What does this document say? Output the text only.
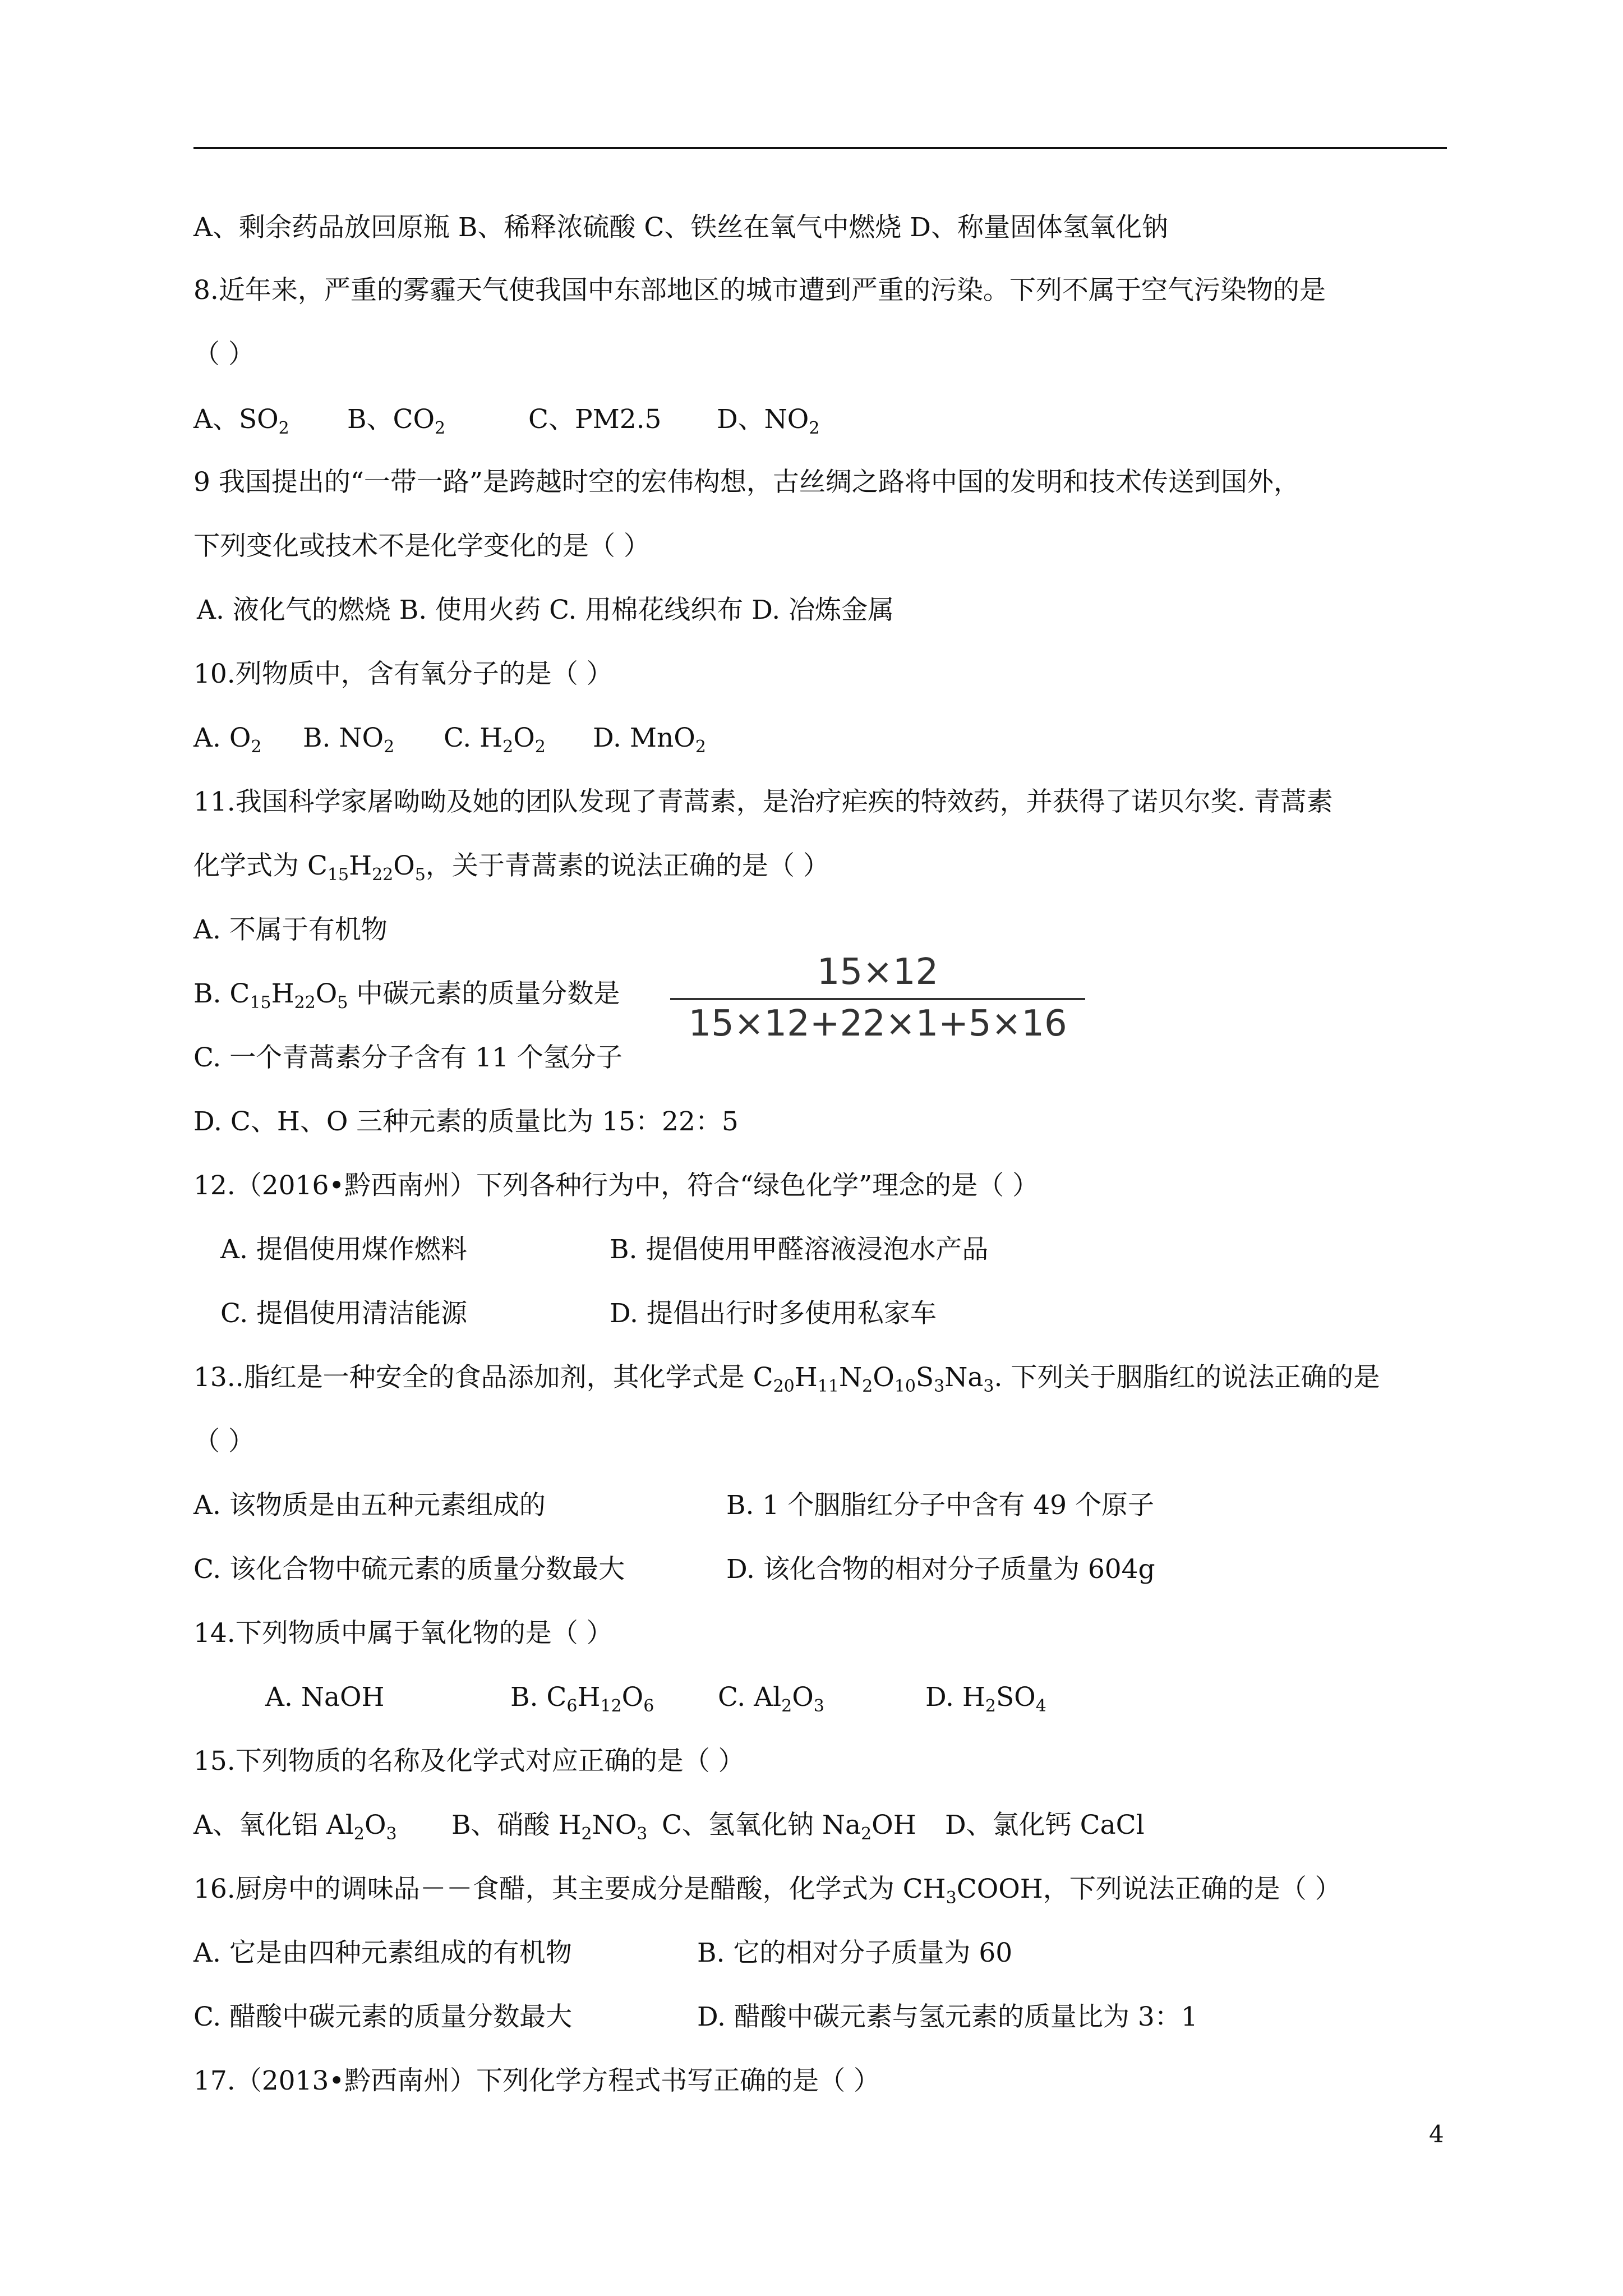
A、剩余药品放回原瓶 B、稀释浓硫酸 C、铁丝在氧气中燃烧 D、称量固体氢氧化钠
8.近年来，严重的雾霾天气使我国中东部地区的城市遭到严重的污染。下列不属于空气污染物的是
（ ）
A、$SO_2$ B、$CO_2$	C、PM2.5 D、$NO_2$
9 我国提出的“一带一路”是跨越时空的宏伟构想，古丝绸之路将中国的发明和技术传送到国外，
下列变化或技术不是化学变化的是（ ）
A. 液化气的燃烧 B. 使用火药 C. 用棉花线织布 D. 冶炼金属
10.列物质中，含有氧分子的是（ ）
A. $O_2$ B. $NO_2$ C. $H_2O_2$ D. MnO$_2$
11.我国科学家屠呦呦及她的团队发现了青蒿素，是治疗疟疾的特效药，并获得了诺贝尔奖. 青蒿素
化学式为 $C_{15}H_{22}O_5$，关于青蒿素的说法正确的是（ ）
A. 不属于有机物
B. $C_{15}H_{22}O_5$ 中碳元素的质量分数是
C. 一个青蒿素分子含有 11 个氢分子
D. C、H、O 三种元素的质量比为 15：22：5
12.（2016•黔西南州）下列各种行为中，符合“绿色化学”理念的是（ ）
A. 提倡使用煤作燃料	B. 提倡使用甲醛溶液浸泡水产品
C. 提倡使用清洁能源	D. 提倡出行时多使用私家车
13..脂红是一种安全的食品添加剂，其化学式是 $C_{20}H_{11}N_2O_{10}S_3Na_3$. 下列关于胭脂红的说法正确的是
（ ）
A. 该物质是由五种元素组成的	B. 1 个胭脂红分子中含有 49 个原子
C. 该化合物中硫元素的质量分数最大	D. 该化合物的相对分子质量为 604g
14.下列物质中属于氧化物的是（ ）
A. NaOH	B. $C_6H_{12}O_6$ C. $Al_2O_3$	D. $H_2SO_4$
15.下列物质的名称及化学式对应正确的是（ ）
A、氧化铝 $Al_2O_3$ B、硝酸 $H_2NO_3$ C、氢氧化钠 $Na_2OH$ D、氯化钙 CaCl
16.厨房中的调味品－－食醋，其主要成分是醋酸，化学式为 $CH_3COOH$，下列说法正确的是（ ）
A. 它是由四种元素组成的有机物	B. 它的相对分子质量为 60
C. 醋酸中碳元素的质量分数最大	D. 醋酸中碳元素与氢元素的质量比为 3：1
17.（2013•黔西南州）下列化学方程式书写正确的是（ ）
15×12
15×12+22×1+5×16
4
